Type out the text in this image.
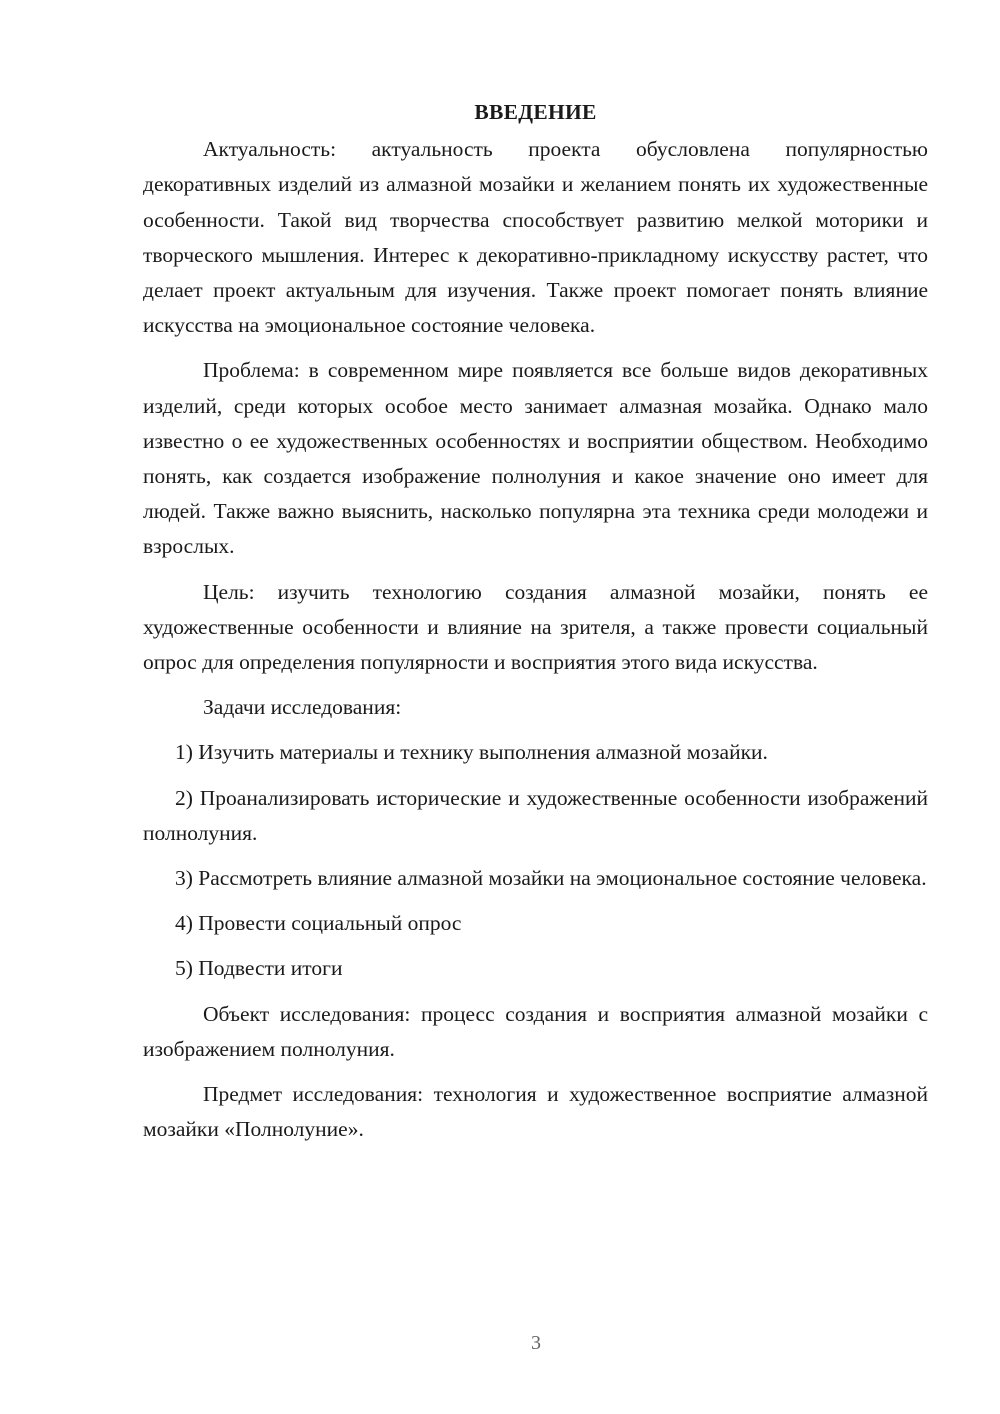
ВВЕДЕНИЕ

Актуальность: актуальность проекта обусловлена популярностью декоративных изделий из алмазной мозайки и желанием понять их художественные особенности. Такой вид творчества способствует развитию мелкой моторики и творческого мышления. Интерес к декоративно-прикладному искусству растет, что делает проект актуальным для изучения. Также проект помогает понять влияние искусства на эмоциональное состояние человека.

Проблема: в современном мире появляется все больше видов декоративных изделий, среди которых особое место занимает алмазная мозайка. Однако мало известно о ее художественных особенностях и восприятии обществом. Необходимо понять, как создается изображение полнолуния и какое значение оно имеет для людей. Также важно выяснить, насколько популярна эта техника среди молодежи и взрослых.

Цель: изучить технологию создания алмазной мозайки, понять ее художественные особенности и влияние на зрителя, а также провести социальный опрос для определения популярности и восприятия этого вида искусства.

Задачи исследования:

1) Изучить материалы и технику выполнения алмазной мозайки.

2) Проанализировать исторические и художественные особенности изображений полнолуния.

3) Рассмотреть влияние алмазной мозайки на эмоциональное состояние человека.

4) Провести социальный опрос

5) Подвести итоги

Объект исследования: процесс создания и восприятия алмазной мозайки с изображением полнолуния.

Предмет исследования: технология и художественное восприятие алмазной мозайки «Полнолуние».

3
